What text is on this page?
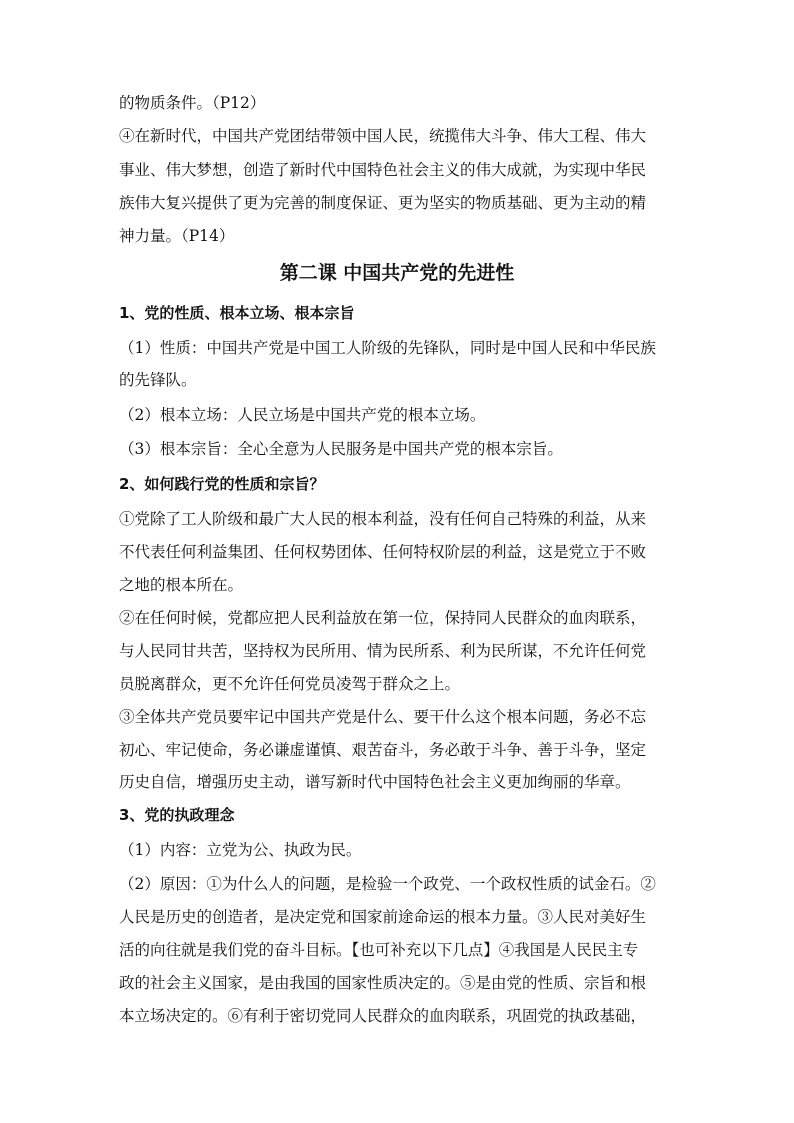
的物质条件。（P12）
④在新时代，中国共产党团结带领中国人民，统揽伟大斗争、伟大工程、伟大
事业、伟大梦想，创造了新时代中国特色社会主义的伟大成就，为实现中华民
族伟大复兴提供了更为完善的制度保证、更为坚实的物质基础、更为主动的精
神力量。（P14）
第二课 中国共产党的先进性
1、党的性质、根本立场、根本宗旨
（1）性质：中国共产党是中国工人阶级的先锋队，同时是中国人民和中华民族
的先锋队。
（2）根本立场：人民立场是中国共产党的根本立场。
（3）根本宗旨：全心全意为人民服务是中国共产党的根本宗旨。
2、如何践行党的性质和宗旨？
①党除了工人阶级和最广大人民的根本利益，没有任何自己特殊的利益，从来
不代表任何利益集团、任何权势团体、任何特权阶层的利益，这是党立于不败
之地的根本所在。
②在任何时候，党都应把人民利益放在第一位，保持同人民群众的血肉联系，
与人民同甘共苦，坚持权为民所用、情为民所系、利为民所谋，不允许任何党
员脱离群众，更不允许任何党员凌驾于群众之上。
③全体共产党员要牢记中国共产党是什么、要干什么这个根本问题，务必不忘
初心、牢记使命，务必谦虚谨慎、艰苦奋斗，务必敢于斗争、善于斗争，坚定
历史自信，增强历史主动，谱写新时代中国特色社会主义更加绚丽的华章。
3、党的执政理念
（1）内容：立党为公、执政为民。
（2）原因：①为什么人的问题，是检验一个政党、一个政权性质的试金石。②
人民是历史的创造者，是决定党和国家前途命运的根本力量。③人民对美好生
活的向往就是我们党的奋斗目标。【也可补充以下几点】④我国是人民民主专
政的社会主义国家，是由我国的国家性质决定的。⑤是由党的性质、宗旨和根
本立场决定的。⑥有利于密切党同人民群众的血肉联系，巩固党的执政基础，
